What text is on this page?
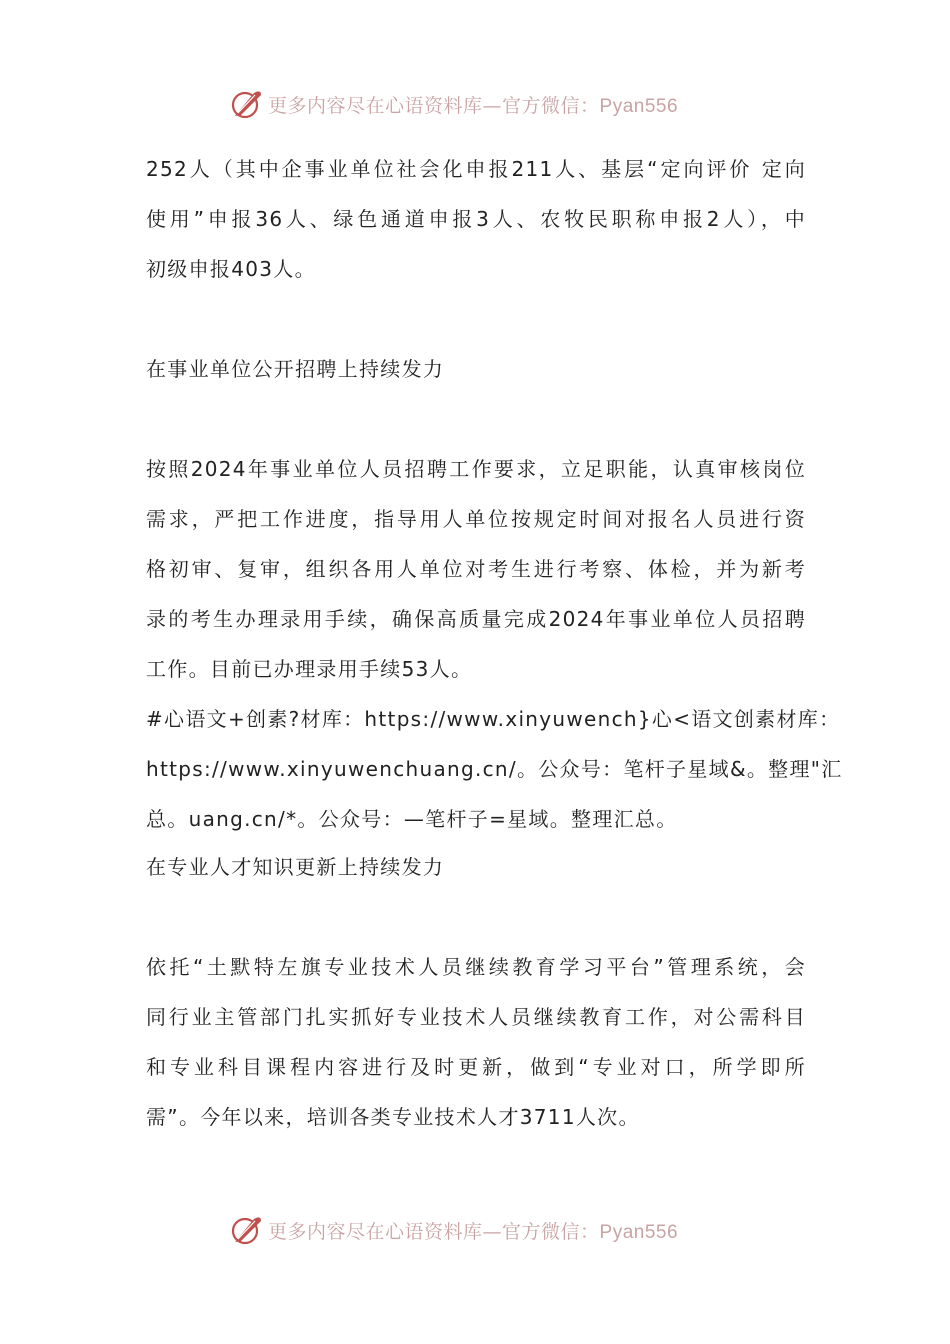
更多内容尽在心语资料库—官方微信：Pyan556
252人（其中企事业单位社会化申报211人、基层“定向评价 定向
使用”申报36人、绿色通道申报3人、农牧民职称申报2人），中
初级申报403人。
在事业单位公开招聘上持续发力
按照2024年事业单位人员招聘工作要求，立足职能，认真审核岗位
需求，严把工作进度，指导用人单位按规定时间对报名人员进行资
格初审、复审，组织各用人单位对考生进行考察、体检，并为新考
录的考生办理录用手续，确保高质量完成2024年事业单位人员招聘
工作。目前已办理录用手续53人。
#心语文+创素?材库：https://www.xinyuwench}心<语文创素材库：
https://www.xinyuwenchuang.cn/。公众号：笔杆子星域&。整理"汇
总。uang.cn/*。公众号：—笔杆子=星域。整理汇总。
在专业人才知识更新上持续发力
依托“土默特左旗专业技术人员继续教育学习平台”管理系统，会
同行业主管部门扎实抓好专业技术人员继续教育工作，对公需科目
和专业科目课程内容进行及时更新，做到“专业对口，所学即所
需”。今年以来，培训各类专业技术人才3711人次。
更多内容尽在心语资料库—官方微信：Pyan556
